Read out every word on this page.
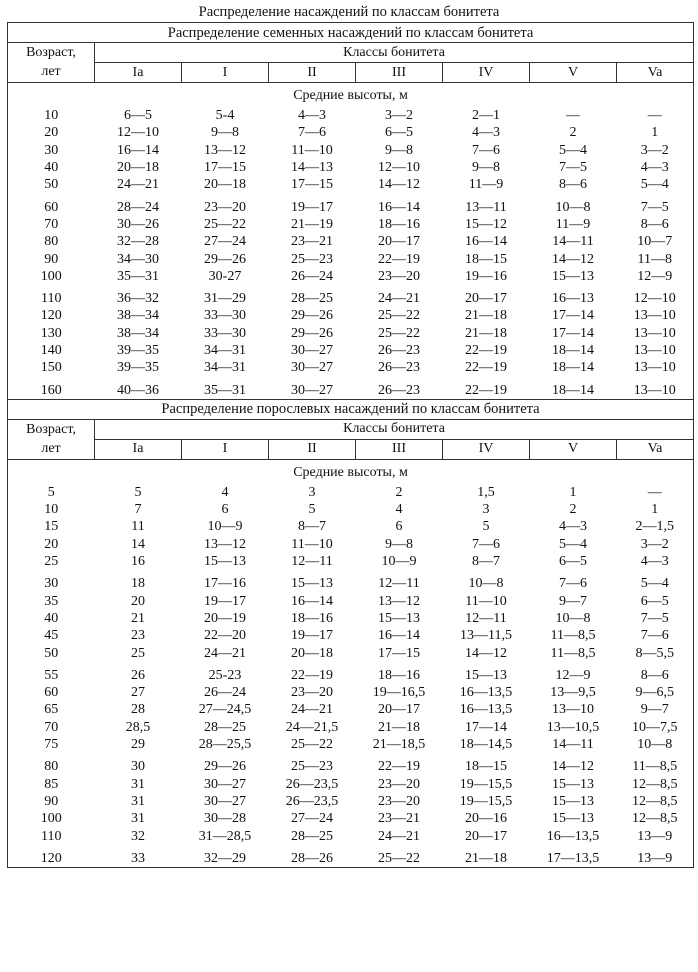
Распределение насаждений по классам бонитета
Распределение семенных насаждений по классам бонитета							
Возраст,	Классы бонитета						
лет	Ia	I	II	III	IV	V	Va
Средние высоты, м							
10	6—5	5-4	4—3	3—2	2—1	—	—
20	12—10	9—8	7—6	6—5	4—3	2	1
30	16—14	13—12	11—10	9—8	7—6	5—4	3—2
40	20—18	17—15	14—13	12—10	9—8	7—5	4—3
50	24—21	20—18	17—15	14—12	11—9	8—6	5—4
60	28—24	23—20	19—17	16—14	13—11	10—8	7—5
70	30—26	25—22	21—19	18—16	15—12	11—9	8—6
80	32—28	27—24	23—21	20—17	16—14	14—11	10—7
90	34—30	29—26	25—23	22—19	18—15	14—12	11—8
100	35—31	30-27	26—24	23—20	19—16	15—13	12—9
110	36—32	31—29	28—25	24—21	20—17	16—13	12—10
120	38—34	33—30	29—26	25—22	21—18	17—14	13—10
130	38—34	33—30	29—26	25—22	21—18	17—14	13—10
140	39—35	34—31	30—27	26—23	22—19	18—14	13—10
150	39—35	34—31	30—27	26—23	22—19	18—14	13—10
160	40—36	35—31	30—27	26—23	22—19	18—14	13—10
Распределение порослевых насаждений по классам бонитета							
Возраст,	Классы бонитета						
лет	Ia	I	II	III	IV	V	Va
Средние высоты, м							
5	5	4	3	2	1,5	1	—
10	7	6	5	4	3	2	1
15	11	10—9	8—7	6	5	4—3	2—1,5
20	14	13—12	11—10	9—8	7—6	5—4	3—2
25	16	15—13	12—11	10—9	8—7	6—5	4—3
30	18	17—16	15—13	12—11	10—8	7—6	5—4
35	20	19—17	16—14	13—12	11—10	9—7	6—5
40	21	20—19	18—16	15—13	12—11	10—8	7—5
45	23	22—20	19—17	16—14	13—11,5	11—8,5	7—6
50	25	24—21	20—18	17—15	14—12	11—8,5	8—5,5
55	26	25-23	22—19	18—16	15—13	12—9	8—6
60	27	26—24	23—20	19—16,5	16—13,5	13—9,5	9—6,5
65	28	27—24,5	24—21	20—17	16—13,5	13—10	9—7
70	28,5	28—25	24—21,5	21—18	17—14	13—10,5	10—7,5
75	29	28—25,5	25—22	21—18,5	18—14,5	14—11	10—8
80	30	29—26	25—23	22—19	18—15	14—12	11—8,5
85	31	30—27	26—23,5	23—20	19—15,5	15—13	12—8,5
90	31	30—27	26—23,5	23—20	19—15,5	15—13	12—8,5
100	31	30—28	27—24	23—21	20—16	15—13	12—8,5
110	32	31—28,5	28—25	24—21	20—17	16—13,5	13—9
120	33	32—29	28—26	25—22	21—18	17—13,5	13—9
